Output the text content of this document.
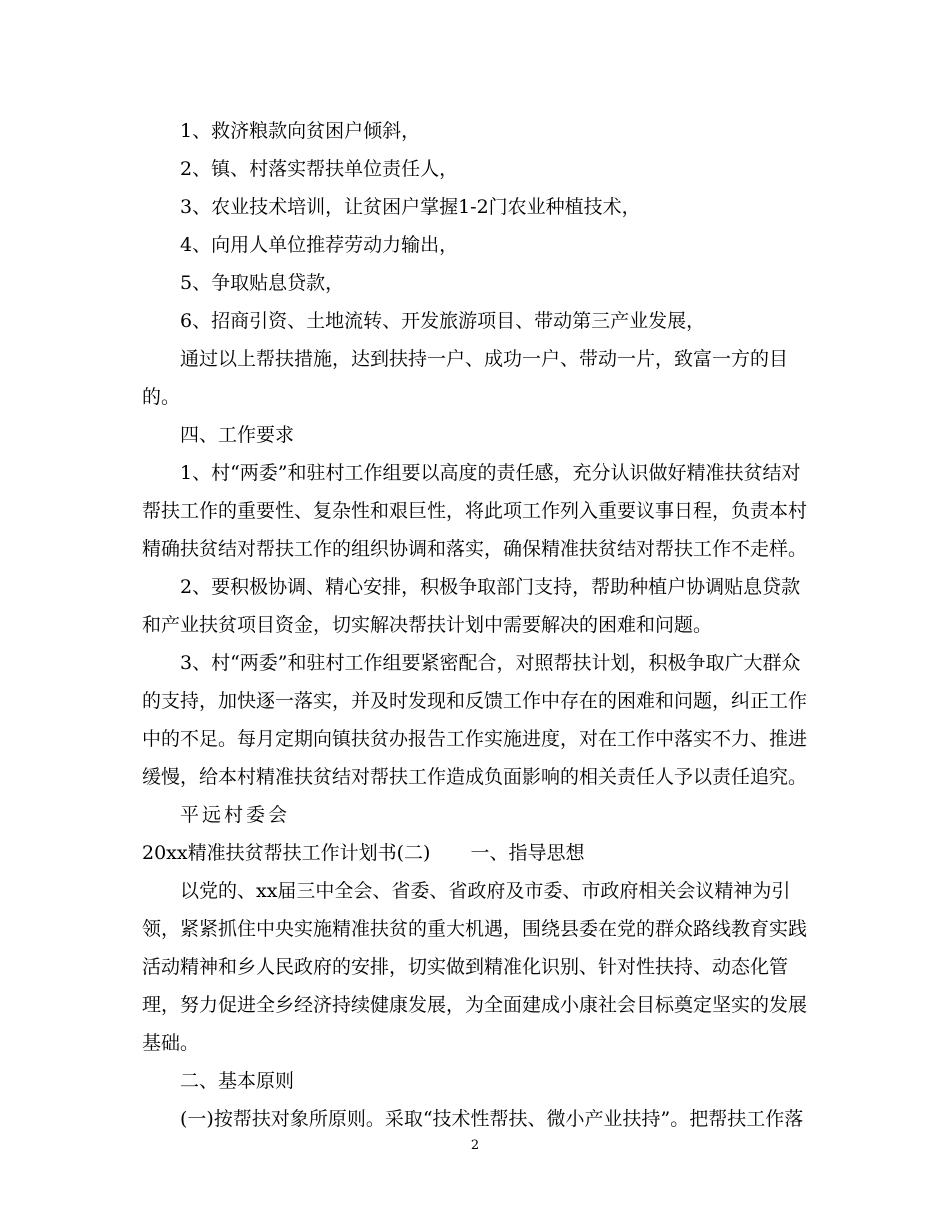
1、救济粮款向贫困户倾斜，

2、镇、村落实帮扶单位责任人，

3、农业技术培训，让贫困户掌握1-2门农业种植技术，

4、向用人单位推荐劳动力输出，

5、争取贴息贷款，

6、招商引资、土地流转、开发旅游项目、带动第三产业发展，

通过以上帮扶措施，达到扶持一户、成功一户、带动一片，致富一方的目的。

四、工作要求

1、村“两委”和驻村工作组要以高度的责任感，充分认识做好精准扶贫结对帮扶工作的重要性、复杂性和艰巨性，将此项工作列入重要议事日程，负责本村精确扶贫结对帮扶工作的组织协调和落实，确保精准扶贫结对帮扶工作不走样。

2、要积极协调、精心安排，积极争取部门支持，帮助种植户协调贴息贷款和产业扶贫项目资金，切实解决帮扶计划中需要解决的困难和问题。

3、村“两委”和驻村工作组要紧密配合，对照帮扶计划，积极争取广大群众的支持，加快逐一落实，并及时发现和反馈工作中存在的困难和问题，纠正工作中的不足。每月定期向镇扶贫办报告工作实施进度，对在工作中落实不力、推进缓慢，给本村精准扶贫结对帮扶工作造成负面影响的相关责任人予以责任追究。

平远村委会

20xx精准扶贫帮扶工作计划书(二) 一、指导思想

以党的、xx届三中全会、省委、省政府及市委、市政府相关会议精神为引领，紧紧抓住中央实施精准扶贫的重大机遇，围绕县委在党的群众路线教育实践活动精神和乡人民政府的安排，切实做到精准化识别、针对性扶持、动态化管理，努力促进全乡经济持续健康发展，为全面建成小康社会目标奠定坚实的发展基础。

二、基本原则

(一)按帮扶对象所原则。采取“技术性帮扶、微小产业扶持”。把帮扶工作落

2
